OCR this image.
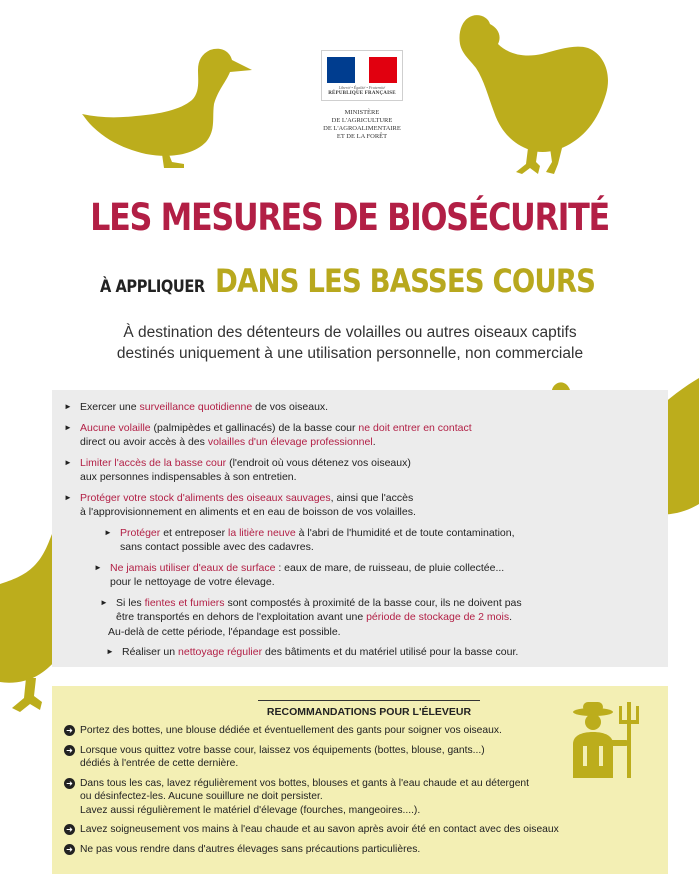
Liberté • Égalité • Fraternité
RÉPUBLIQUE FRANÇAISE
MINISTÈRE
DE L'AGRICULTURE
DE L'AGROALIMENTAIRE
ET DE LA FORÊT
LES MESURES DE BIOSÉCURITÉ
À APPLIQUER DANS LES BASSES COURS
À destination des détenteurs de volailles ou autres oiseaux captifs
destinés uniquement à une utilisation personnelle, non commerciale
► Exercer une surveillance quotidienne de vos oiseaux.
► Aucune volaille (palmipèdes et gallinacés) de la basse cour ne doit entrer en contact
direct ou avoir accès à des volailles d'un élevage professionnel.
► Limiter l'accès de la basse cour (l'endroit où vous détenez vos oiseaux)
aux personnes indispensables à son entretien.
► Protéger votre stock d'aliments des oiseaux sauvages, ainsi que l'accès
à l'approvisionnement en aliments et en eau de boisson de vos volailles.
► Protéger et entreposer la litière neuve à l'abri de l'humidité et de toute contamination,
sans contact possible avec des cadavres.
► Ne jamais utiliser d'eaux de surface : eaux de mare, de ruisseau, de pluie collectée...
pour le nettoyage de votre élevage.
► Si les fientes et fumiers sont compostés à proximité de la basse cour, ils ne doivent pas
être transportés en dehors de l'exploitation avant une période de stockage de 2 mois.
Au-delà de cette période, l'épandage est possible.
► Réaliser un nettoyage régulier des bâtiments et du matériel utilisé pour la basse cour.
RECOMMANDATIONS POUR L'ÉLEVEUR
➜ Portez des bottes, une blouse dédiée et éventuellement des gants pour soigner vos oiseaux.
➜ Lorsque vous quittez votre basse cour, laissez vos équipements (bottes, blouse, gants...)
dédiés à l'entrée de cette dernière.
➜ Dans tous les cas, lavez régulièrement vos bottes, blouses et gants à l'eau chaude et au détergent
ou désinfectez-les. Aucune souillure ne doit persister.
Lavez aussi régulièrement le matériel d'élevage (fourches, mangeoires....).
➜ Lavez soigneusement vos mains à l'eau chaude et au savon après avoir été en contact avec des oiseaux
➜ Ne pas vous rendre dans d'autres élevages sans précautions particulières.
